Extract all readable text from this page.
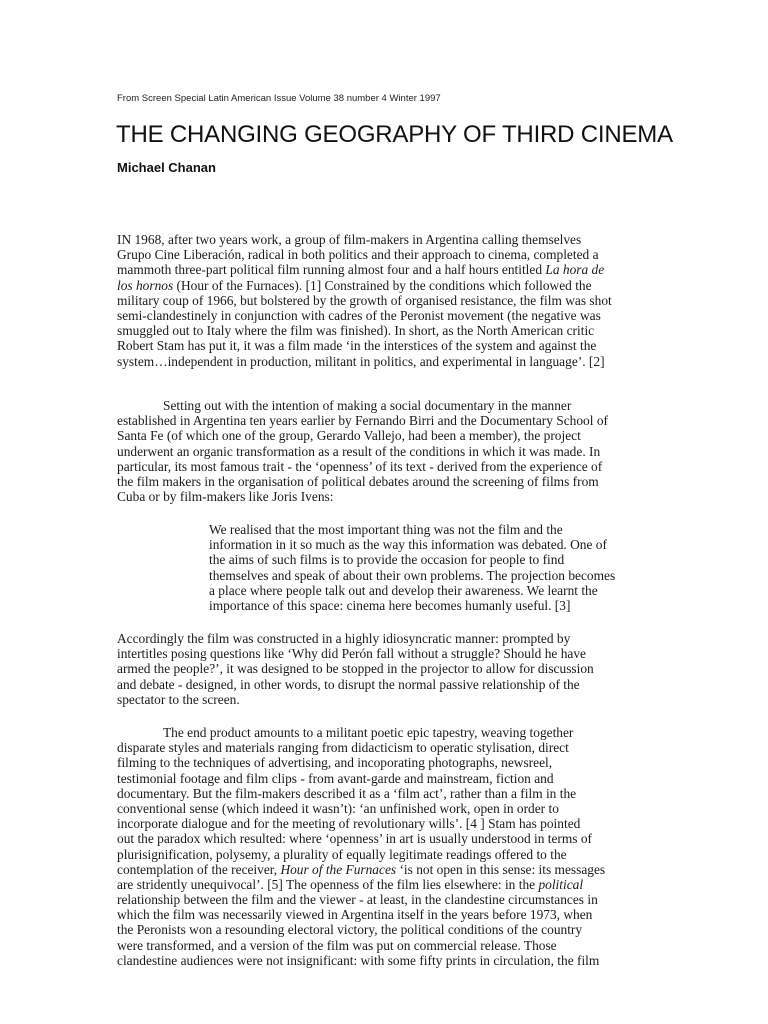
From Screen Special Latin American Issue Volume 38 number 4 Winter 1997
THE CHANGING GEOGRAPHY OF THIRD CINEMA
Michael Chanan
IN 1968, after two years work, a group of film-makers in Argentina calling themselves
Grupo Cine Liberación, radical in both politics and their approach to cinema, completed a
mammoth three-part political film running almost four and a half hours entitled La hora de
los hornos (Hour of the Furnaces). [1] Constrained by the conditions which followed the
military coup of 1966, but bolstered by the growth of organised resistance, the film was shot
semi-clandestinely in conjunction with cadres of the Peronist movement (the negative was
smuggled out to Italy where the film was finished). In short, as the North American critic
Robert Stam has put it, it was a film made ‘in the interstices of the system and against the
system…independent in production, militant in politics, and experimental in language’. [2]
Setting out with the intention of making a social documentary in the manner
established in Argentina ten years earlier by Fernando Birri and the Documentary School of
Santa Fe (of which one of the group, Gerardo Vallejo, had been a member), the project
underwent an organic transformation as a result of the conditions in which it was made. In
particular, its most famous trait - the ‘openness’ of its text - derived from the experience of
the film makers in the organisation of political debates around the screening of films from
Cuba or by film-makers like Joris Ivens:
We realised that the most important thing was not the film and the
information in it so much as the way this information was debated. One of
the aims of such films is to provide the occasion for people to find
themselves and speak of about their own problems. The projection becomes
a place where people talk out and develop their awareness. We learnt the
importance of this space: cinema here becomes humanly useful. [3]
Accordingly the film was constructed in a highly idiosyncratic manner: prompted by
intertitles posing questions like ‘Why did Perón fall without a struggle? Should he have
armed the people?’, it was designed to be stopped in the projector to allow for discussion
and debate - designed, in other words, to disrupt the normal passive relationship of the
spectator to the screen.
The end product amounts to a militant poetic epic tapestry, weaving together
disparate styles and materials ranging from didacticism to operatic stylisation, direct
filming to the techniques of advertising, and incoporating photographs, newsreel,
testimonial footage and film clips - from avant-garde and mainstream, fiction and
documentary. But the film-makers described it as a ‘film act’, rather than a film in the
conventional sense (which indeed it wasn’t): ‘an unfinished work, open in order to
incorporate dialogue and for the meeting of revolutionary wills’. [4 ] Stam has pointed
out the paradox which resulted: where ‘openness’ in art is usually understood in terms of
plurisignification, polysemy, a plurality of equally legitimate readings offered to the
contemplation of the receiver, Hour of the Furnaces ‘is not open in this sense: its messages
are stridently unequivocal’. [5] The openness of the film lies elsewhere: in the political
relationship between the film and the viewer - at least, in the clandestine circumstances in
which the film was necessarily viewed in Argentina itself in the years before 1973, when
the Peronists won a resounding electoral victory, the political conditions of the country
were transformed, and a version of the film was put on commercial release. Those
clandestine audiences were not insignificant: with some fifty prints in circulation, the film
